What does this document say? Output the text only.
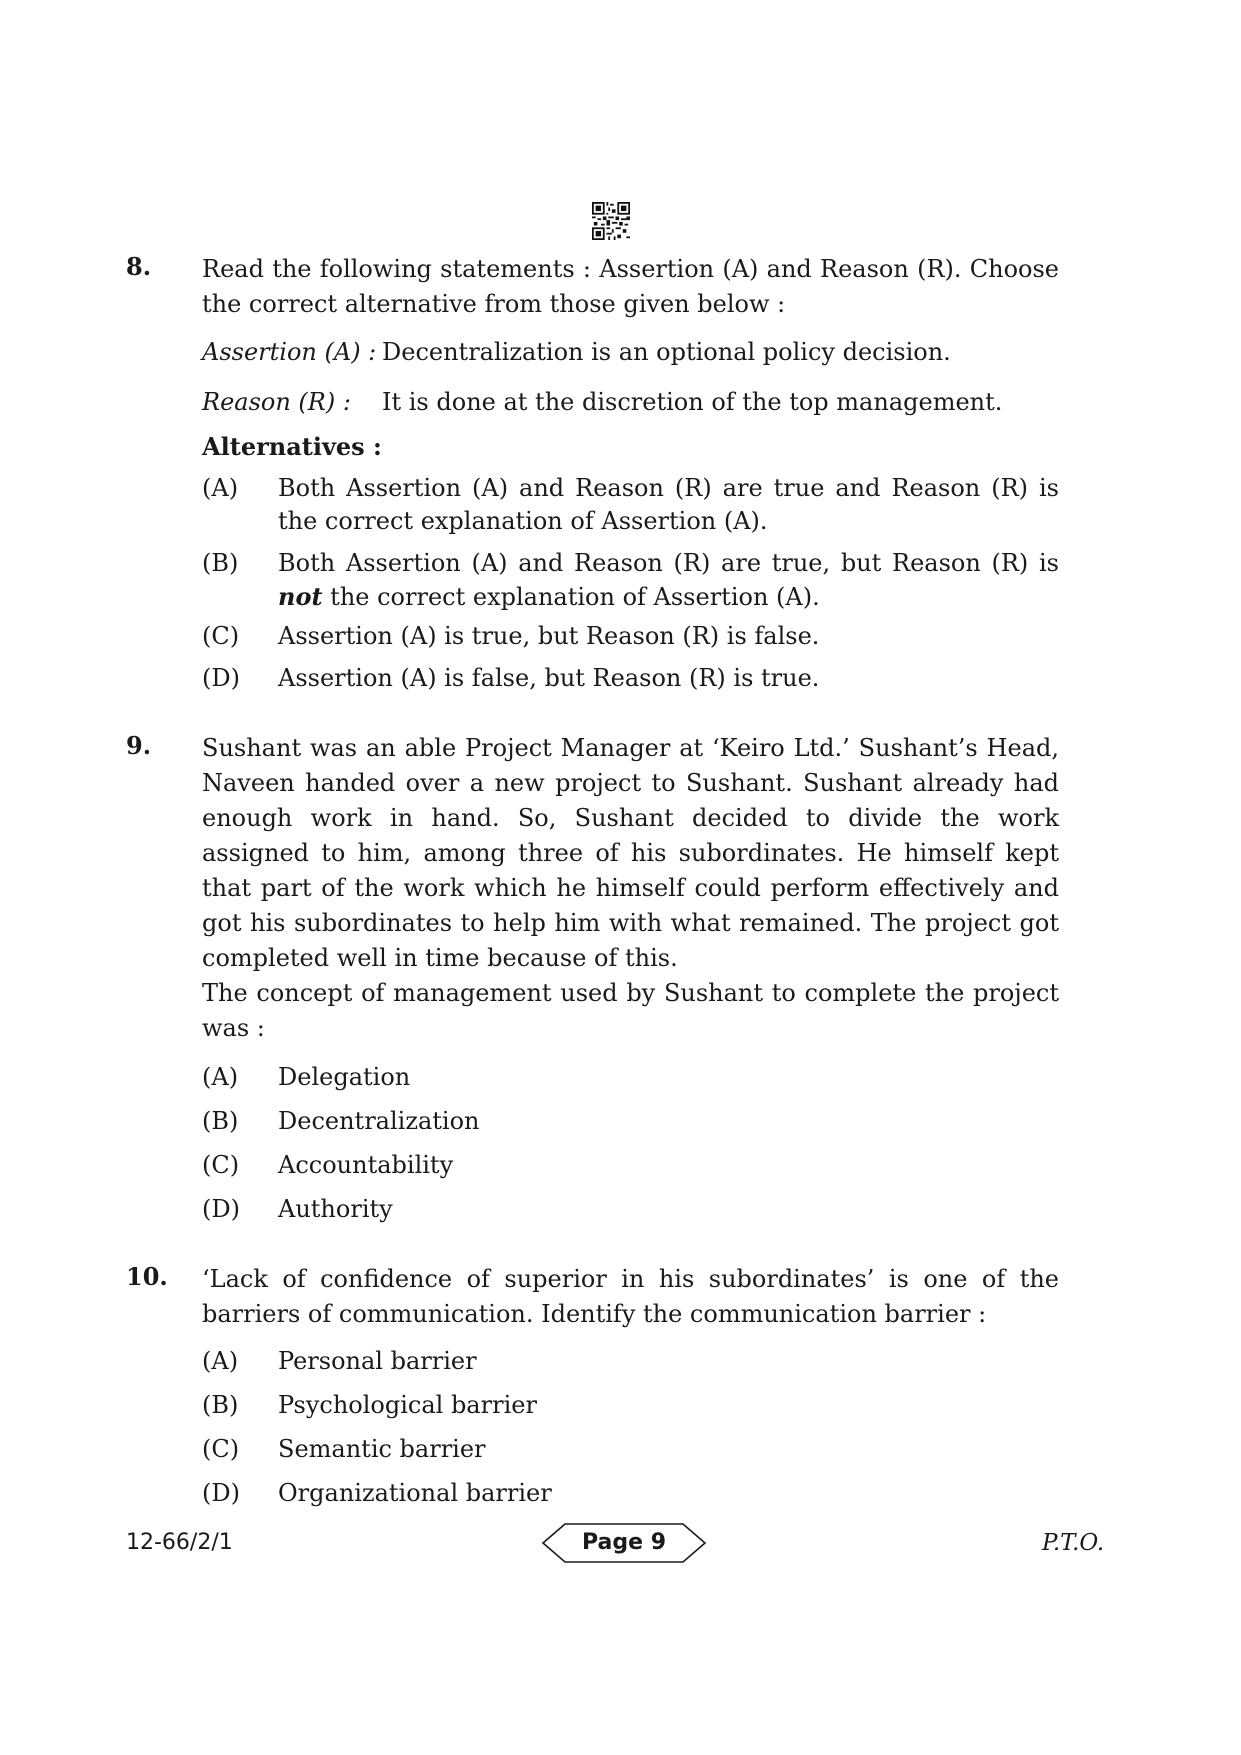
8. Read the following statements : Assertion (A) and Reason (R). Choose the correct alternative from those given below :
Assertion (A) : Decentralization is an optional policy decision.
Reason (R) : It is done at the discretion of the top management.
Alternatives :
(A) Both Assertion (A) and Reason (R) are true and Reason (R) is the correct explanation of Assertion (A).
(B) Both Assertion (A) and Reason (R) are true, but Reason (R) is not the correct explanation of Assertion (A).
(C) Assertion (A) is true, but Reason (R) is false.
(D) Assertion (A) is false, but Reason (R) is true.
9. Sushant was an able Project Manager at ‘Keiro Ltd.’ Sushant’s Head, Naveen handed over a new project to Sushant. Sushant already had enough work in hand. So, Sushant decided to divide the work assigned to him, among three of his subordinates. He himself kept that part of the work which he himself could perform effectively and got his subordinates to help him with what remained. The project got completed well in time because of this.
The concept of management used by Sushant to complete the project was :
(A) Delegation
(B) Decentralization
(C) Accountability
(D) Authority
10. ‘Lack of confidence of superior in his subordinates’ is one of the barriers of communication. Identify the communication barrier :
(A) Personal barrier
(B) Psychological barrier
(C) Semantic barrier
(D) Organizational barrier
12-66/2/1	Page 9	P.T.O.
